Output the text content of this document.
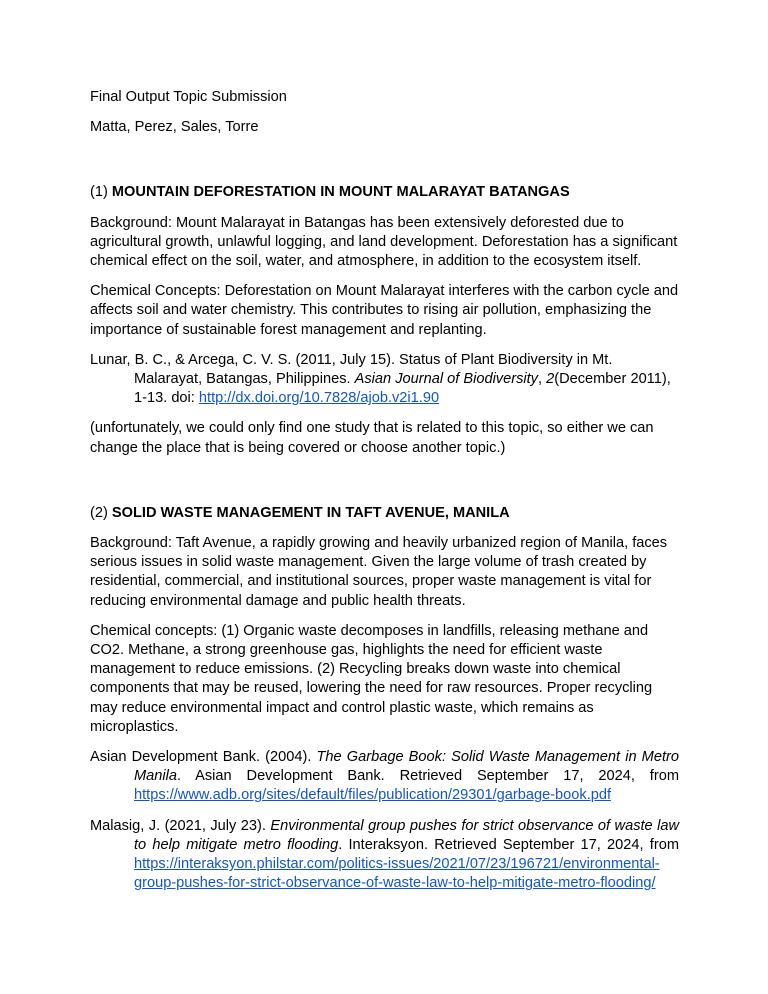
Final Output Topic Submission

Matta, Perez, Sales, Torre

(1) MOUNTAIN DEFORESTATION IN MOUNT MALARAYAT BATANGAS

Background: Mount Malarayat in Batangas has been extensively deforested due to agricultural growth, unlawful logging, and land development. Deforestation has a significant chemical effect on the soil, water, and atmosphere, in addition to the ecosystem itself.

Chemical Concepts: Deforestation on Mount Malarayat interferes with the carbon cycle and affects soil and water chemistry. This contributes to rising air pollution, emphasizing the importance of sustainable forest management and replanting.

Lunar, B. C., & Arcega, C. V. S. (2011, July 15). Status of Plant Biodiversity in Mt. Malarayat, Batangas, Philippines. Asian Journal of Biodiversity, 2(December 2011), 1-13. doi: http://dx.doi.org/10.7828/ajob.v2i1.90

(unfortunately, we could only find one study that is related to this topic, so either we can change the place that is being covered or choose another topic.)

(2) SOLID WASTE MANAGEMENT IN TAFT AVENUE, MANILA

Background: Taft Avenue, a rapidly growing and heavily urbanized region of Manila, faces serious issues in solid waste management. Given the large volume of trash created by residential, commercial, and institutional sources, proper waste management is vital for reducing environmental damage and public health threats.

Chemical concepts: (1) Organic waste decomposes in landfills, releasing methane and CO2. Methane, a strong greenhouse gas, highlights the need for efficient waste management to reduce emissions. (2) Recycling breaks down waste into chemical components that may be reused, lowering the need for raw resources. Proper recycling may reduce environmental impact and control plastic waste, which remains as microplastics.

Asian Development Bank. (2004). The Garbage Book: Solid Waste Management in Metro Manila. Asian Development Bank. Retrieved September 17, 2024, from https://www.adb.org/sites/default/files/publication/29301/garbage-book.pdf

Malasig, J. (2021, July 23). Environmental group pushes for strict observance of waste law to help mitigate metro flooding. Interaksyon. Retrieved September 17, 2024, from https://interaksyon.philstar.com/politics-issues/2021/07/23/196721/environmental-group-pushes-for-strict-observance-of-waste-law-to-help-mitigate-metro-flooding/
